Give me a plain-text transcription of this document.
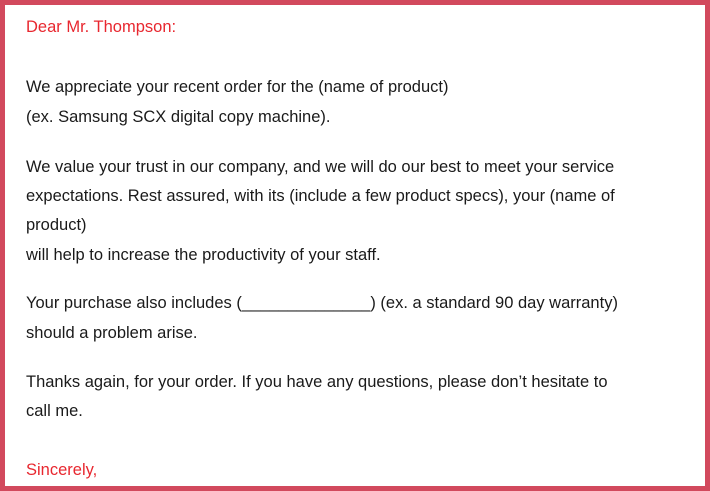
Dear Mr. Thompson:
We appreciate your recent order for the (name of product)
(ex. Samsung SCX digital copy machine).
We value your trust in our company, and we will do our best to meet your service
expectations. Rest assured, with its (include a few product specs), your (name of
product)
will help to increase the productivity of your staff.
Your purchase also includes (______________) (ex. a standard 90 day warranty)
should a problem arise.
Thanks again, for your order. If you have any questions, please don’t hesitate to
call me.
Sincerely,
